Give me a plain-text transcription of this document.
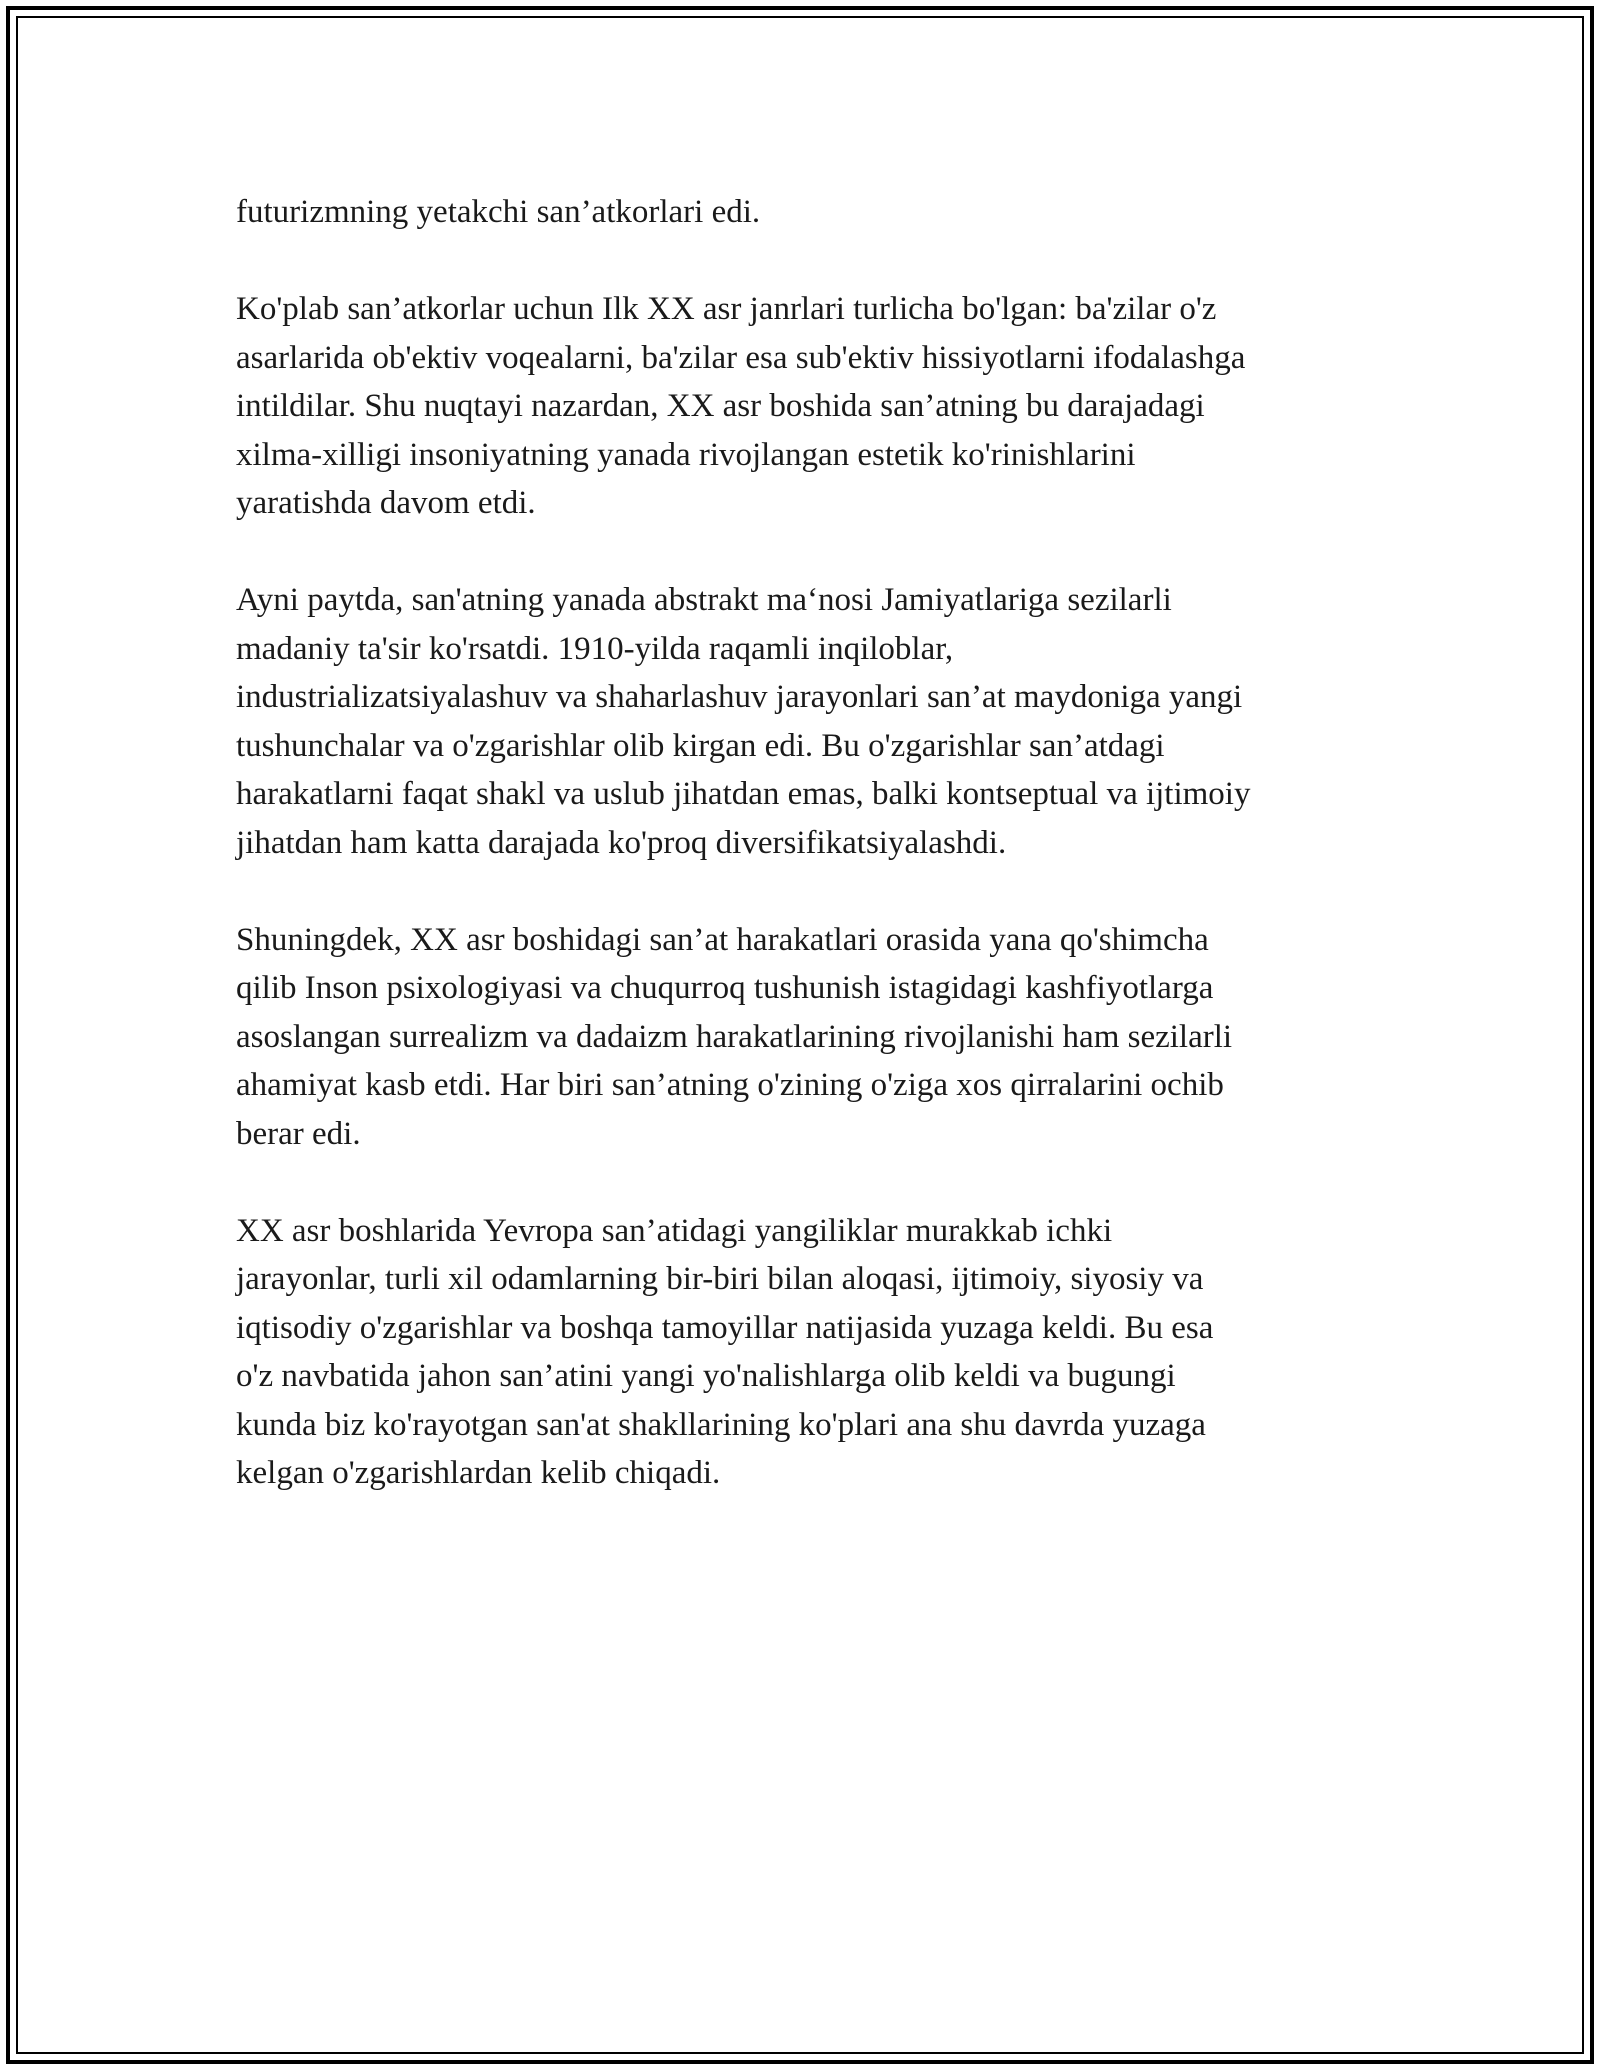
futurizmning yetakchi san’atkorlari edi.

Ko'plab san’atkorlar uchun Ilk XX asr janrlari turlicha bo'lgan: ba'zilar o'z
asarlarida ob'ektiv voqealarni, ba'zilar esa sub'ektiv hissiyotlarni ifodalashga
intildilar. Shu nuqtayi nazardan, XX asr boshida san’atning bu darajadagi
xilma-xilligi insoniyatning yanada rivojlangan estetik ko'rinishlarini
yaratishda davom etdi.

Ayni paytda, san'atning yanada abstrakt ma‘nosi Jamiyatlariga sezilarli
madaniy ta'sir ko'rsatdi. 1910-yilda raqamli inqiloblar,
industrializatsiyalashuv va shaharlashuv jarayonlari san’at maydoniga yangi
tushunchalar va o'zgarishlar olib kirgan edi. Bu o'zgarishlar san’atdagi
harakatlarni faqat shakl va uslub jihatdan emas, balki kontseptual va ijtimoiy
jihatdan ham katta darajada ko'proq diversifikatsiyalashdi.

Shuningdek, XX asr boshidagi san’at harakatlari orasida yana qo'shimcha
qilib Inson psixologiyasi va chuqurroq tushunish istagidagi kashfiyotlarga
asoslangan surrealizm va dadaizm harakatlarining rivojlanishi ham sezilarli
ahamiyat kasb etdi. Har biri san’atning o'zining o'ziga xos qirralarini ochib
berar edi.

XX asr boshlarida Yevropa san’atidagi yangiliklar murakkab ichki
jarayonlar, turli xil odamlarning bir-biri bilan aloqasi, ijtimoiy, siyosiy va
iqtisodiy o'zgarishlar va boshqa tamoyillar natijasida yuzaga keldi. Bu esa
o'z navbatida jahon san’atini yangi yo'nalishlarga olib keldi va bugungi
kunda biz ko'rayotgan san'at shakllarining ko'plari ana shu davrda yuzaga
kelgan o'zgarishlardan kelib chiqadi.
